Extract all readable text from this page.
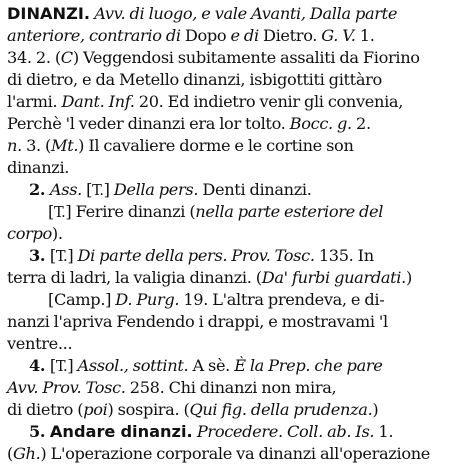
DINANZI. Avv. di luogo, e vale Avanti, Dalla parte
anteriore, contrario di Dopo e di Dietro. G. V. 1.
34. 2. (C) Veggendosi subitamente assaliti da Fiorino
di dietro, e da Metello dinanzi, isbigottiti gittàro
l'armi. Dant. Inf. 20. Ed indietro venir gli convenia,
Perchè 'l veder dinanzi era lor tolto. Bocc. g. 2.
n. 3. (Mt.) Il cavaliere dorme e le cortine son
dinanzi.
2. Ass. [T.] Della pers. Denti dinanzi.
[T.] Ferire dinanzi (nella parte esteriore del
corpo).
3. [T.] Di parte della pers. Prov. Tosc. 135. In
terra di ladri, la valigia dinanzi. (Da' furbi guardati.)
[Camp.] D. Purg. 19. L'altra prendeva, e di-
nanzi l'apriva Fendendo i drappi, e mostravami 'l
ventre...
4. [T.] Assol., sottint. A sè. È la Prep. che pare
Avv. Prov. Tosc. 258. Chi dinanzi non mira,
di dietro (poi) sospira. (Qui fig. della prudenza.)
5. Andare dinanzi. Procedere. Coll. ab. Is. 1.
(Gh.) L'operazione corporale va dinanzi all'operazione
